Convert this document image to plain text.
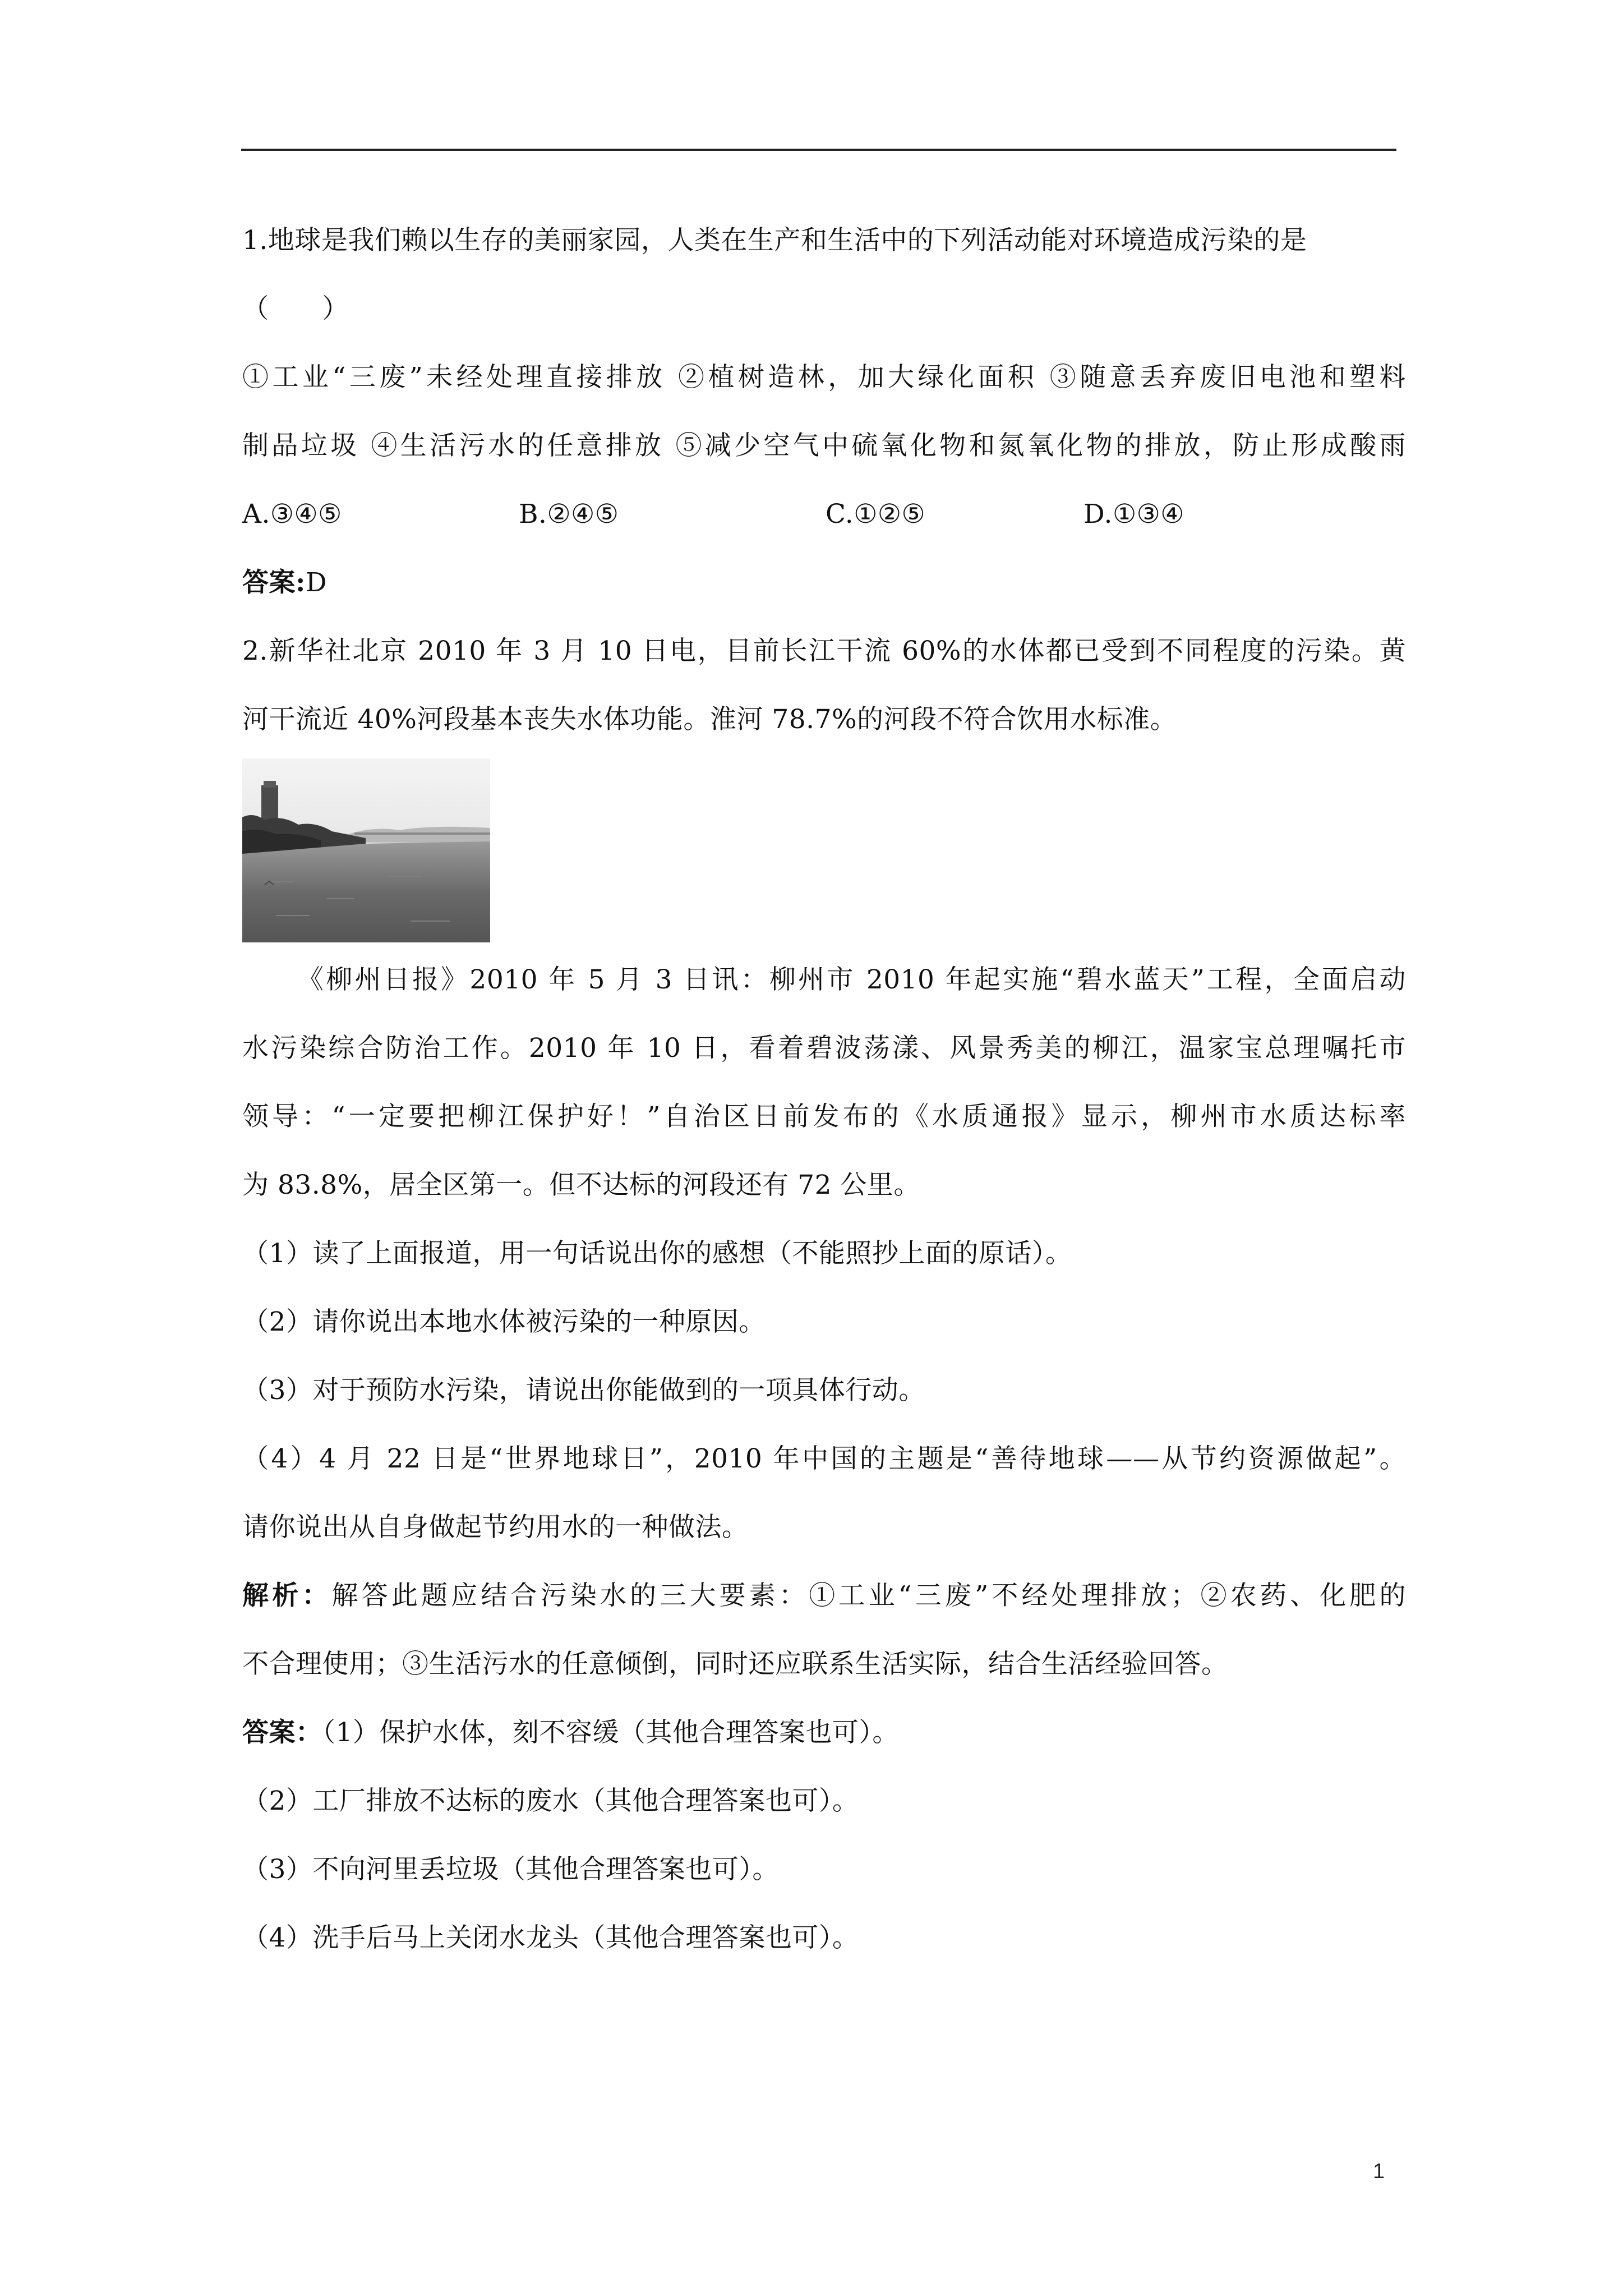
1.地球是我们赖以生存的美丽家园，人类在生产和生活中的下列活动能对环境造成污染的是
（　　）
①工业“三废”未经处理直接排放 ②植树造林，加大绿化面积 ③随意丢弃废旧电池和塑料
制品垃圾 ④生活污水的任意排放 ⑤减少空气中硫氧化物和氮氧化物的排放，防止形成酸雨
A.③④⑤	B.②④⑤	C.①②⑤	D.①③④
答案:D
2.新华社北京 2010 年 3 月 10 日电，目前长江干流 60%的水体都已受到不同程度的污染。黄
河干流近 40%河段基本丧失水体功能。淮河 78.7%的河段不符合饮用水标准。
《柳州日报》2010 年 5 月 3 日讯：柳州市 2010 年起实施“碧水蓝天”工程，全面启动
水污染综合防治工作。2010 年 10 日，看着碧波荡漾、风景秀美的柳江，温家宝总理嘱托市
领导：“一定要把柳江保护好！”自治区日前发布的《水质通报》显示，柳州市水质达标率
为 83.8%，居全区第一。但不达标的河段还有 72 公里。
（1）读了上面报道，用一句话说出你的感想（不能照抄上面的原话）。
（2）请你说出本地水体被污染的一种原因。
（3）对于预防水污染，请说出你能做到的一项具体行动。
（4）4 月 22 日是“世界地球日”，2010 年中国的主题是“善待地球——从节约资源做起”。
请你说出从自身做起节约用水的一种做法。
解析：解答此题应结合污染水的三大要素：①工业“三废”不经处理排放；②农药、化肥的
不合理使用；③生活污水的任意倾倒，同时还应联系生活实际，结合生活经验回答。
答案：（1）保护水体，刻不容缓（其他合理答案也可）。
（2）工厂排放不达标的废水（其他合理答案也可）。
（3）不向河里丢垃圾（其他合理答案也可）。
（4）洗手后马上关闭水龙头（其他合理答案也可）。
1
